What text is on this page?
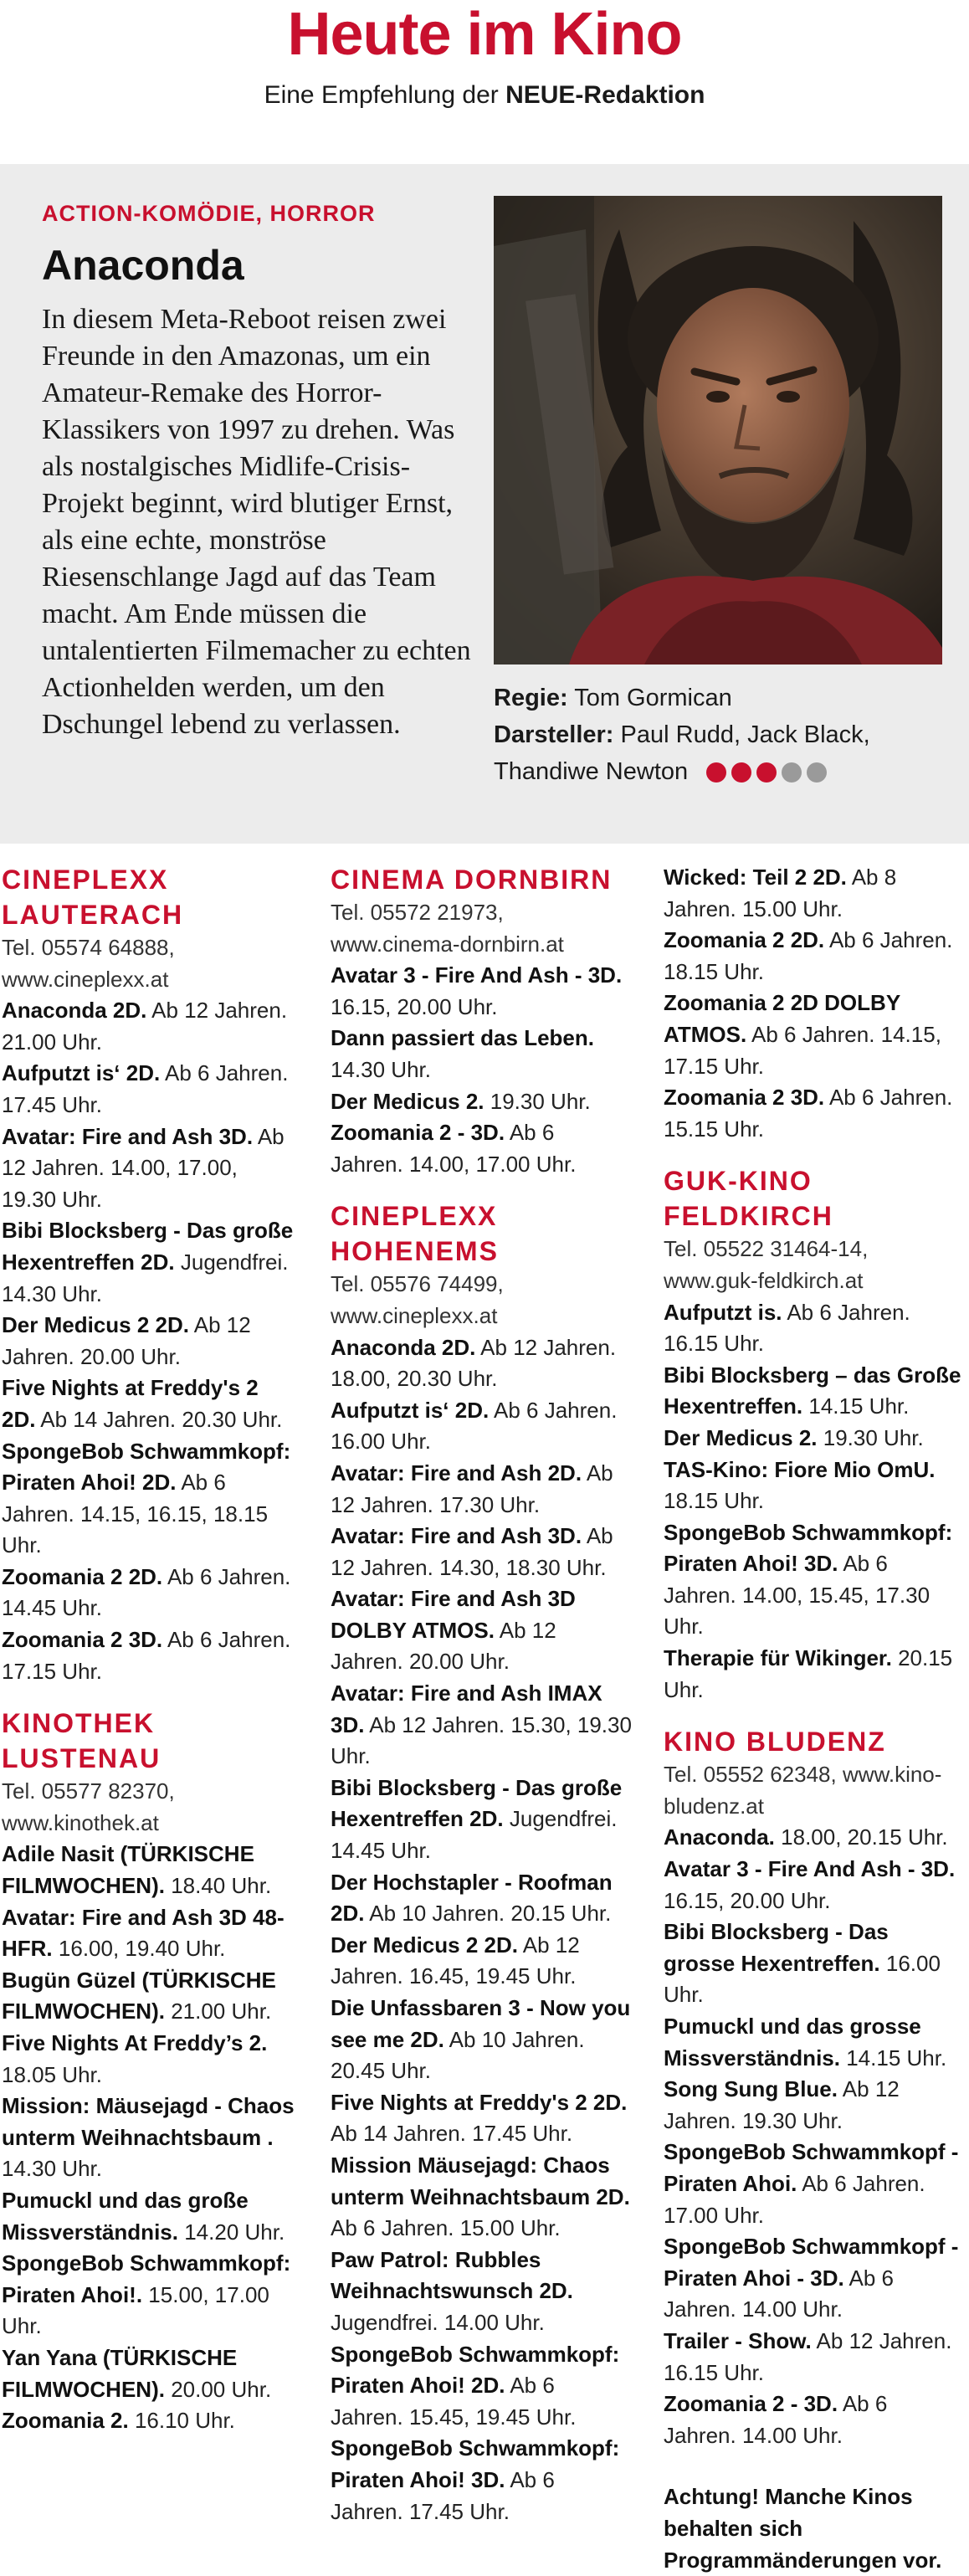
Heute im Kino
Eine Empfehlung der NEUE-Redaktion
ACTION-KOMÖDIE, HORROR
Anaconda
In diesem Meta-Reboot reisen zwei Freunde in den Amazonas, um ein Amateur-Remake des Horror-Klassikers von 1997 zu drehen. Was als nostalgisches Midlife-Crisis-Projekt beginnt, wird blutiger Ernst, als eine echte, monströse Riesenschlange Jagd auf das Team macht. Am Ende müssen die untalentierten Filmemacher zu echten Actionhelden werden, um den Dschungel lebend zu verlassen.
Regie: Tom Gormican
Darsteller: Paul Rudd, Jack Black, Thandiwe Newton
CINEPLEXX LAUTERACH
Tel. 05574 64888, www.cineplexx.at
Anaconda 2D. Ab 12 Jahren. 21.00 Uhr.
Aufputzt is‘ 2D. Ab 6 Jahren. 17.45 Uhr.
Avatar: Fire and Ash 3D. Ab 12 Jahren. 14.00, 17.00, 19.30 Uhr.
Bibi Blocksberg - Das große Hexentreffen 2D. Jugendfrei. 14.30 Uhr.
Der Medicus 2 2D. Ab 12 Jahren. 20.00 Uhr.
Five Nights at Freddy's 2 2D. Ab 14 Jahren. 20.30 Uhr.
SpongeBob Schwammkopf: Piraten Ahoi! 2D. Ab 6 Jahren. 14.15, 16.15, 18.15 Uhr.
Zoomania 2 2D. Ab 6 Jahren. 14.45 Uhr.
Zoomania 2 3D. Ab 6 Jahren. 17.15 Uhr.
KINOTHEK LUSTENAU
Tel. 05577 82370, www.kinothek.at
Adile Nasit (TÜRKISCHE FILMWOCHEN). 18.40 Uhr.
Avatar: Fire and Ash 3D 48-HFR. 16.00, 19.40 Uhr.
Bugün Güzel (TÜRKISCHE FILMWOCHEN). 21.00 Uhr.
Five Nights At Freddy’s 2. 18.05 Uhr.
Mission: Mäusejagd - Chaos unterm Weihnachtsbaum . 14.30 Uhr.
Pumuckl und das große Missverständnis. 14.20 Uhr.
SpongeBob Schwammkopf: Piraten Ahoi!. 15.00, 17.00 Uhr.
Yan Yana (TÜRKISCHE FILMWOCHEN). 20.00 Uhr.
Zoomania 2. 16.10 Uhr.
CINEMA DORNBIRN
Tel. 05572 21973, www.cinema-dornbirn.at
Avatar 3 - Fire And Ash - 3D. 16.15, 20.00 Uhr.
Dann passiert das Leben. 14.30 Uhr.
Der Medicus 2. 19.30 Uhr.
Zoomania 2 - 3D. Ab 6 Jahren. 14.00, 17.00 Uhr.
CINEPLEXX HOHENEMS
Tel. 05576 74499, www.cineplexx.at
Anaconda 2D. Ab 12 Jahren. 18.00, 20.30 Uhr.
Aufputzt is‘ 2D. Ab 6 Jahren. 16.00 Uhr.
Avatar: Fire and Ash 2D. Ab 12 Jahren. 17.30 Uhr.
Avatar: Fire and Ash 3D. Ab 12 Jahren. 14.30, 18.30 Uhr.
Avatar: Fire and Ash 3D DOLBY ATMOS. Ab 12 Jahren. 20.00 Uhr.
Avatar: Fire and Ash IMAX 3D. Ab 12 Jahren. 15.30, 19.30 Uhr.
Bibi Blocksberg - Das große Hexentreffen 2D. Jugendfrei. 14.45 Uhr.
Der Hochstapler - Roofman 2D. Ab 10 Jahren. 20.15 Uhr.
Der Medicus 2 2D. Ab 12 Jahren. 16.45, 19.45 Uhr.
Die Unfassbaren 3 - Now you see me 2D. Ab 10 Jahren. 20.45 Uhr.
Five Nights at Freddy's 2 2D. Ab 14 Jahren. 17.45 Uhr.
Mission Mäusejagd: Chaos unterm Weihnachtsbaum 2D. Ab 6 Jahren. 15.00 Uhr.
Paw Patrol: Rubbles Weihnachtswunsch 2D. Jugendfrei. 14.00 Uhr.
SpongeBob Schwammkopf: Piraten Ahoi! 2D. Ab 6 Jahren. 15.45, 19.45 Uhr.
SpongeBob Schwammkopf: Piraten Ahoi! 3D. Ab 6 Jahren. 17.45 Uhr.
Wicked: Teil 2 2D. Ab 8 Jahren. 15.00 Uhr.
Zoomania 2 2D. Ab 6 Jahren. 18.15 Uhr.
Zoomania 2 2D DOLBY ATMOS. Ab 6 Jahren. 14.15, 17.15 Uhr.
Zoomania 2 3D. Ab 6 Jahren. 15.15 Uhr.
GUK-KINO FELDKIRCH
Tel. 05522 31464-14, www.guk-feldkirch.at
Aufputzt is. Ab 6 Jahren. 16.15 Uhr.
Bibi Blocksberg – das Große Hexentreffen. 14.15 Uhr.
Der Medicus 2. 19.30 Uhr.
TAS-Kino: Fiore Mio OmU. 18.15 Uhr.
SpongeBob Schwammkopf: Piraten Ahoi! 3D. Ab 6 Jahren. 14.00, 15.45, 17.30 Uhr.
Therapie für Wikinger. 20.15 Uhr.
KINO BLUDENZ
Tel. 05552 62348, www.kino-bludenz.at
Anaconda. 18.00, 20.15 Uhr.
Avatar 3 - Fire And Ash - 3D. 16.15, 20.00 Uhr.
Bibi Blocksberg - Das grosse Hexentreffen. 16.00 Uhr.
Pumuckl und das grosse Missverständnis. 14.15 Uhr.
Song Sung Blue. Ab 12 Jahren. 19.30 Uhr.
SpongeBob Schwammkopf - Piraten Ahoi. Ab 6 Jahren. 17.00 Uhr.
SpongeBob Schwammkopf - Piraten Ahoi - 3D. Ab 6 Jahren. 14.00 Uhr.
Trailer - Show. Ab 12 Jahren. 16.15 Uhr.
Zoomania 2 - 3D. Ab 6 Jahren. 14.00 Uhr.
Achtung! Manche Kinos behalten sich Programmänderungen vor.
